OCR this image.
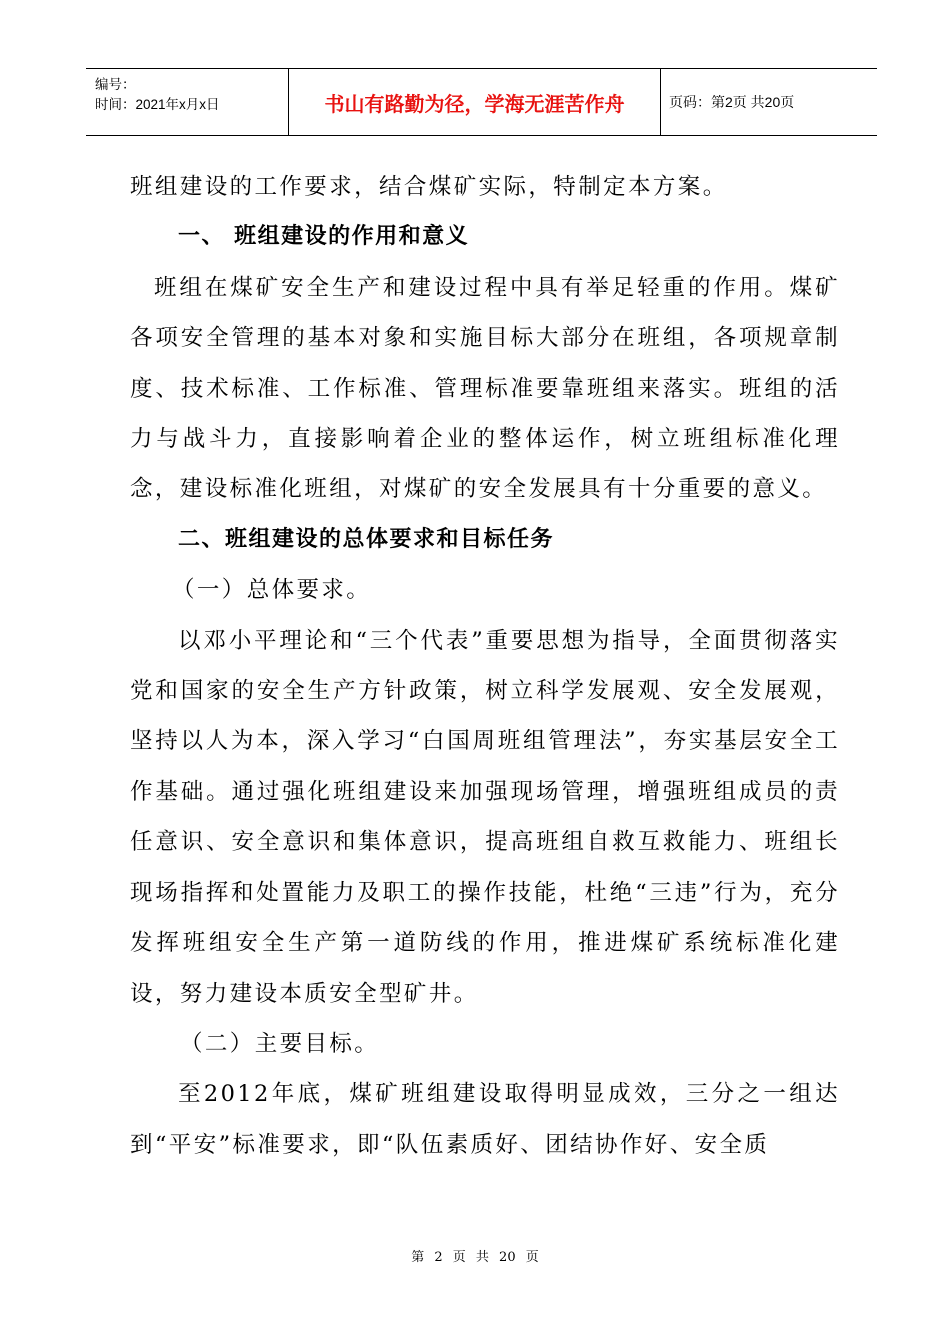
编号：
时间：2021年x月x日	书山有路勤为径，学海无涯苦作舟	页码：第2页 共20页

班组建设的工作要求，结合煤矿实际，特制定本方案。

一、 班组建设的作用和意义

班组在煤矿安全生产和建设过程中具有举足轻重的作用。煤矿各项安全管理的基本对象和实施目标大部分在班组，各项规章制度、技术标准、工作标准、管理标准要靠班组来落实。班组的活力与战斗力，直接影响着企业的整体运作，树立班组标准化理念，建设标准化班组，对煤矿的安全发展具有十分重要的意义。

二、班组建设的总体要求和目标任务

（一）总体要求。

以邓小平理论和“三个代表”重要思想为指导，全面贯彻落实党和国家的安全生产方针政策，树立科学发展观、安全发展观，坚持以人为本，深入学习“白国周班组管理法”，夯实基层安全工作基础。通过强化班组建设来加强现场管理，增强班组成员的责任意识、安全意识和集体意识，提高班组自救互救能力、班组长现场指挥和处置能力及职工的操作技能，杜绝“三违”行为，充分发挥班组安全生产第一道防线的作用，推进煤矿系统标准化建设，努力建设本质安全型矿井。

（二）主要目标。

至2012年底，煤矿班组建设取得明显成效，三分之一组达到“平安”标准要求，即“队伍素质好、团结协作好、安全质

第 2 页 共 20 页
